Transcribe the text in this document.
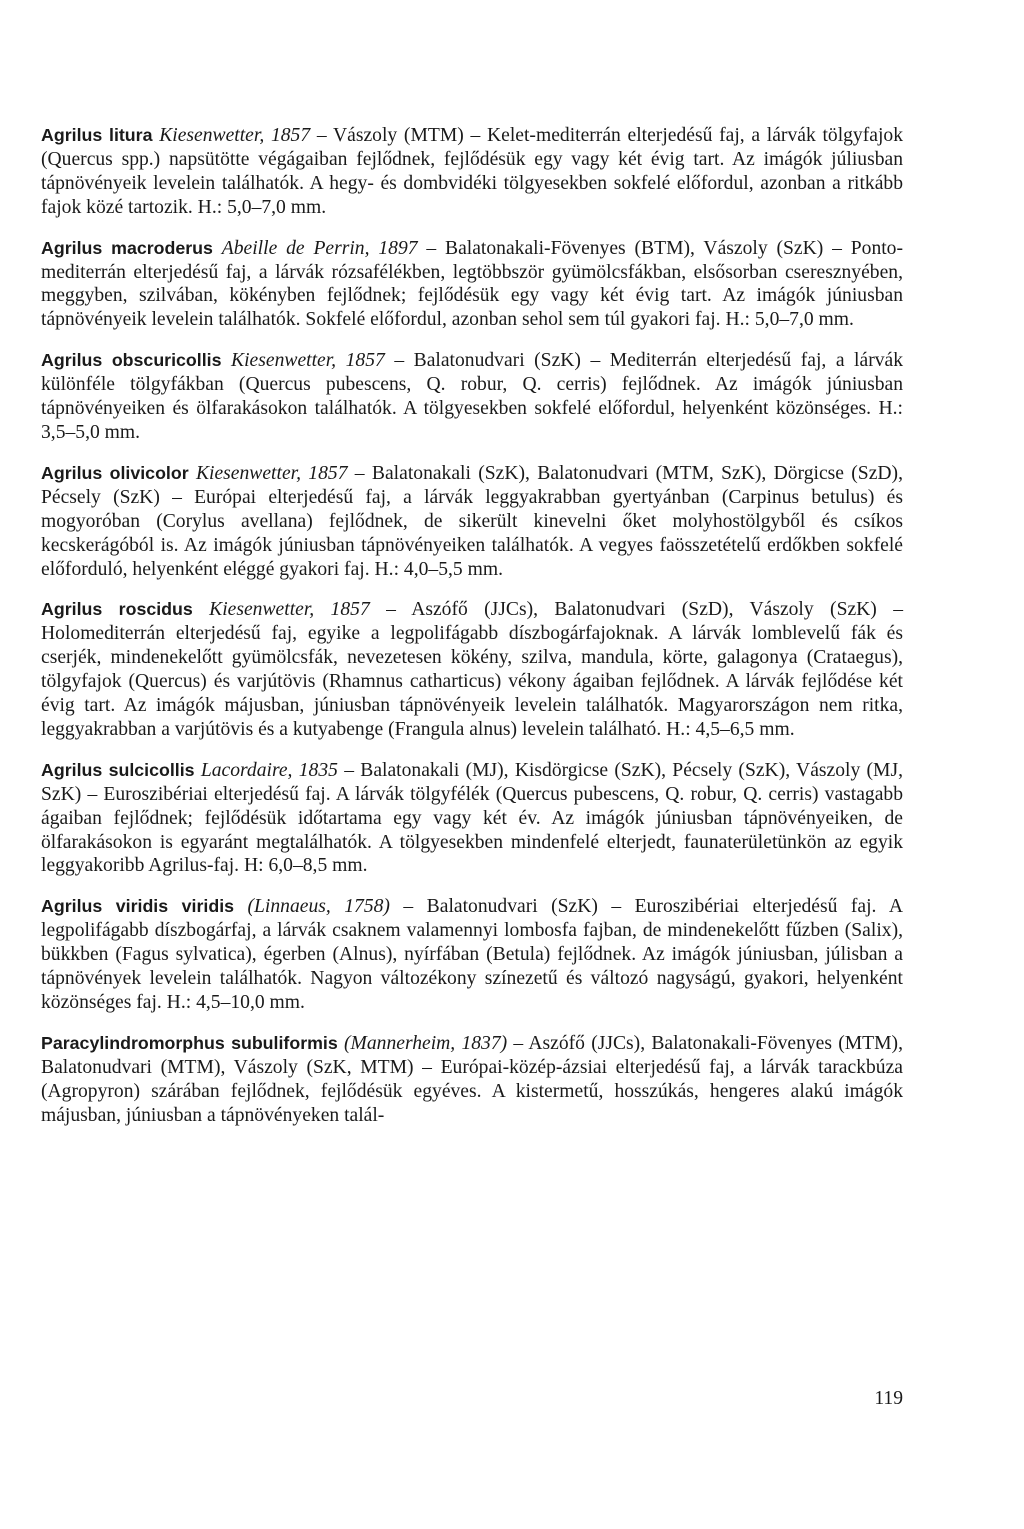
Agrilus litura Kiesenwetter, 1857 – Vászoly (MTM) – Kelet-mediterrán elterjedésű faj, a lárvák tölgyfajok (Quercus spp.) napsütötte végágaiban fejlődnek, fejlődésük egy vagy két évig tart. Az imágók júliusban tápnövényeik levelein találhatók. A hegy- és dombvidéki tölgyesekben sokfelé előfordul, azonban a ritkább fajok közé tartozik. H.: 5,0–7,0 mm.

Agrilus macroderus Abeille de Perrin, 1897 – Balatonakali-Fövenyes (BTM), Vászoly (SzK) – Ponto-mediterrán elterjedésű faj, a lárvák rózsafélékben, legtöbbször gyümölcsfákban, elsősorban cseresznyében, meggyben, szilvában, kökényben fejlődnek; fejlődésük egy vagy két évig tart. Az imágók júniusban tápnövényeik levelein találhatók. Sokfelé előfordul, azonban sehol sem túl gyakori faj. H.: 5,0–7,0 mm.

Agrilus obscuricollis Kiesenwetter, 1857 – Balatonudvari (SzK) – Mediterrán elterjedésű faj, a lárvák különféle tölgyfákban (Quercus pubescens, Q. robur, Q. cerris) fejlődnek. Az imágók júniusban tápnövényeiken és ölfarakásokon találhatók. A tölgyesekben sokfelé előfordul, helyenként közönséges. H.: 3,5–5,0 mm.

Agrilus olivicolor Kiesenwetter, 1857 – Balatonakali (SzK), Balatonudvari (MTM, SzK), Dörgicse (SzD), Pécsely (SzK) – Európai elterjedésű faj, a lárvák leggyakrabban gyertyánban (Carpinus betulus) és mogyoróban (Corylus avellana) fejlődnek, de sikerült kinevelni őket molyhostölgyből és csíkos kecskerágóból is. Az imágók júniusban tápnövényeiken találhatók. A vegyes faösszetételű erdőkben sokfelé előforduló, helyenként eléggé gyakori faj. H.: 4,0–5,5 mm.

Agrilus roscidus Kiesenwetter, 1857 – Aszófő (JJCs), Balatonudvari (SzD), Vászoly (SzK) – Holomediterrán elterjedésű faj, egyike a legpolifágabb díszbogárfajoknak. A lárvák lomblevelű fák és cserjék, mindenekelőtt gyümölcsfák, nevezetesen kökény, szilva, mandula, körte, galagonya (Crataegus), tölgyfajok (Quercus) és varjútövis (Rhamnus catharticus) vékony ágaiban fejlődnek. A lárvák fejlődése két évig tart. Az imágók májusban, júniusban tápnövényeik levelein találhatók. Magyarországon nem ritka, leggyakrabban a varjútövis és a kutyabenge (Frangula alnus) levelein található. H.: 4,5–6,5 mm.

Agrilus sulcicollis Lacordaire, 1835 – Balatonakali (MJ), Kisdörgicse (SzK), Pécsely (SzK), Vászoly (MJ, SzK) – Euroszibériai elterjedésű faj. A lárvák tölgyfélék (Quercus pubescens, Q. robur, Q. cerris) vastagabb ágaiban fejlődnek; fejlődésük időtartama egy vagy két év. Az imágók júniusban tápnövényeiken, de ölfarakásokon is egyaránt megtalálhatók. A tölgyesekben mindenfelé elterjedt, faunaterületünkön az egyik leggyakoribb Agrilus-faj. H: 6,0–8,5 mm.

Agrilus viridis viridis (Linnaeus, 1758) – Balatonudvari (SzK) – Euroszibériai elterjedésű faj. A legpolifágabb díszbogárfaj, a lárvák csaknem valamennyi lombosfa fajban, de mindenekelőtt fűzben (Salix), bükkben (Fagus sylvatica), égerben (Alnus), nyírfában (Betula) fejlődnek. Az imágók júniusban, júlisban a tápnövények levelein találhatók. Nagyon változékony színezetű és változó nagyságú, gyakori, helyenként közönséges faj. H.: 4,5–10,0 mm.

Paracylindromorphus subuliformis (Mannerheim, 1837) – Aszófő (JJCs), Balatonakali-Fövenyes (MTM), Balatonudvari (MTM), Vászoly (SzK, MTM) – Európai-közép-ázsiai elterjedésű faj, a lárvák tarackbúza (Agropyron) szárában fejlődnek, fejlődésük egyéves. A kistermetű, hosszúkás, hengeres alakú imágók májusban, júniusban a tápnövényeken talál-

119
